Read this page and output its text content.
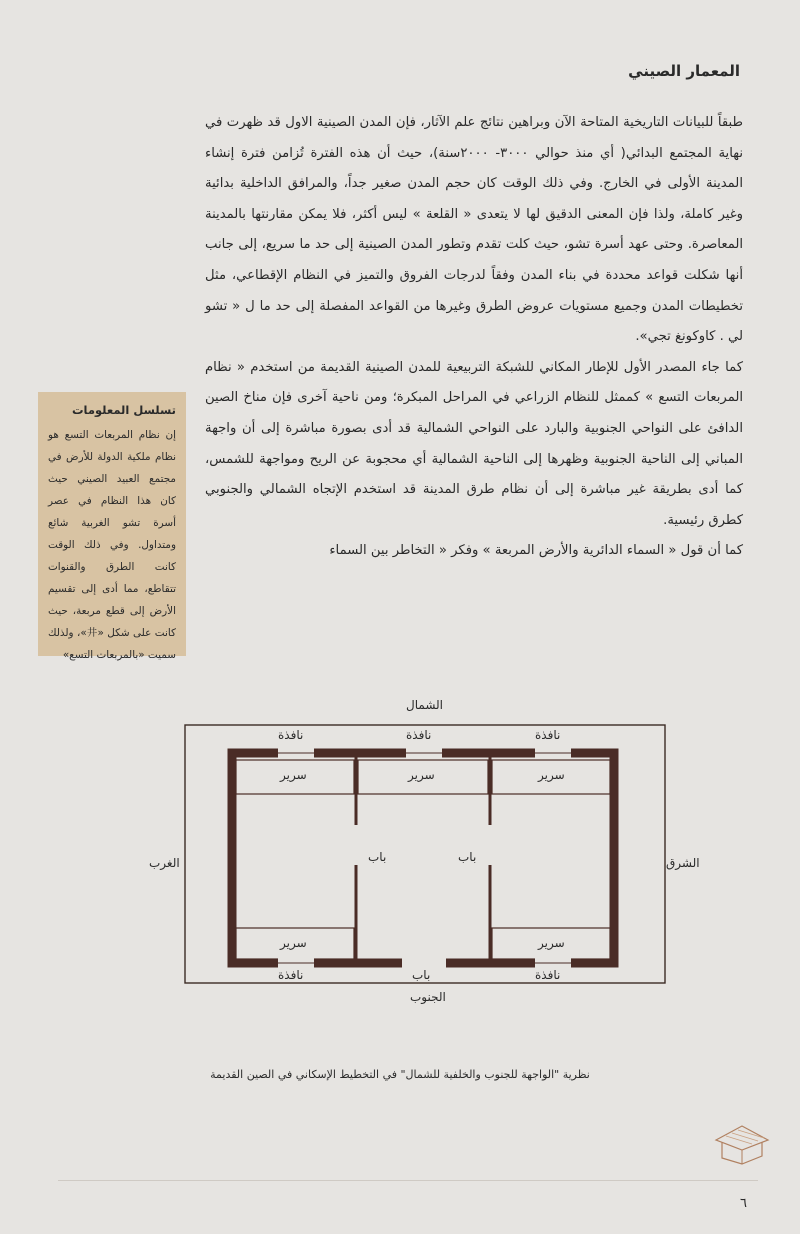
المعمار الصيني

طبقاً للبيانات التاريخية المتاحة الآن وبراهين نتائج علم الآثار، فإن المدن الصينية الاول قد ظهرت في نهاية المجتمع البدائي( أي منذ حوالي ٣٠٠٠- ٢٠٠٠سنة)، حيث أن هذه الفترة تُزامن فترة إنشاء المدينة الأولى في الخارج. وفي ذلك الوقت كان حجم المدن صغير جداً، والمرافق الداخلية بدائية وغير كاملة، ولذا فإن المعنى الدقيق لها لا يتعدى « القلعة » ليس أكثر، فلا يمكن مقارنتها بالمدينة المعاصرة. وحتى عهد أسرة تشو، حيث كلت تقدم وتطور المدن الصينية إلى حد ما سريع، إلى جانب أنها شكلت قواعد محددة في بناء المدن وفقاً لدرجات الفروق والتميز في النظام الإقطاعي، مثل تخطيطات المدن وجميع مستويات عروض الطرق وغيرها من القواعد المفصلة إلى حد ما ل « تشو لي . كاوكونغ تجي».

كما جاء المصدر الأول للإطار المكاني للشبكة التربيعية للمدن الصينية القديمة من استخدم « نظام المربعات التسع » كممثل للنظام الزراعي في المراحل المبكرة؛ ومن ناحية آخرى فإن مناخ الصين الدافئ على النواحي الجنوبية والبارد على النواحي الشمالية قد أدى بصورة مباشرة إلى أن واجهة المباني إلى الناحية الجنوبية وظهرها إلى الناحية الشمالية أي محجوبة عن الريح ومواجهة للشمس، كما أدى بطريقة غير مباشرة إلى أن نظام طرق المدينة قد استخدم الإتجاه الشمالي والجنوبي كطرق رئيسية.

كما أن قول « السماء الدائرية والأرض المربعة » وفكر « التخاطر بين السماء

تسلسل المعلومات
إن نظام المربعات التسع هو نظام ملكية الدولة للأرض في مجتمع العبيد الصيني حيث كان هذا النظام في عصر أسرة تشو الغربية شائع ومتداول. وفي ذلك الوقت كانت الطرق والقنوات تتقاطع، مما أدى إلى تقسيم الأرض إلى قطع مربعة، حيث كانت على شكل «井»، ولذلك سميت «بالمربعات التسع»
الشمال
الجنوب
الشرق
الغرب
نافذة	نافذة	نافذة
نافذة	نافذة
سرير	سرير	سرير
سرير	سرير
باب	باب
باب
نظرية "الواجهة للجنوب والخلفية للشمال" في التخطيط الإسكاني في الصين القديمة
٦
